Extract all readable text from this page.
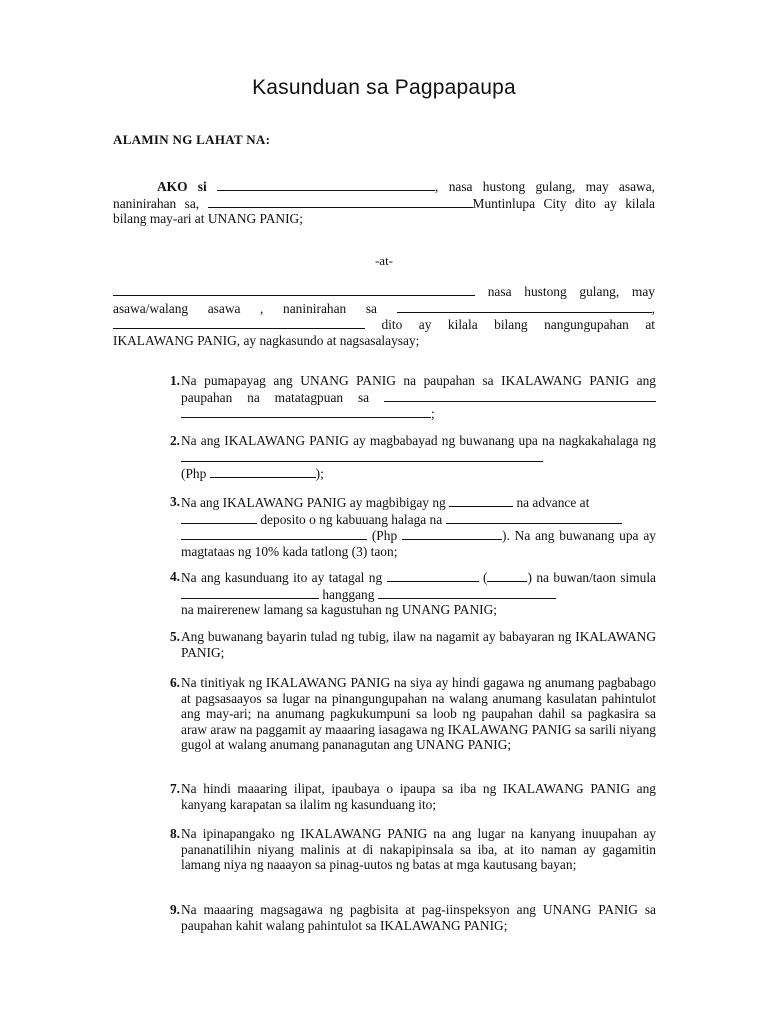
Kasunduan sa Pagpapaupa
ALAMIN NG LAHAT NA:
AKO si	, nasa hustong gulang, may asawa, naninirahan sa,	Muntinlupa City dito ay kilala bilang may-ari at UNANG PANIG;
-at-
nasa hustong gulang, may asawa/walang asawa , naninirahan sa	,  dito ay kilala bilang nangungupahan at IKALAWANG PANIG, ay nagkasundo at nagsasalaysay;
1. Na pumapayag ang UNANG PANIG na paupahan sa IKALAWANG PANIG ang paupahan na matatagpuan sa  ;
2. Na ang IKALAWANG PANIG ay magbabayad ng buwanang upa na nagkakahalaga ng
(Php	);
3. Na ang IKALAWANG PANIG ay magbibigay ng	na advance at
deposito o ng kabuuang halaga na
(Php	). Na ang buwanang upa ay magtataas ng 10% kada tatlong (3) taon;
4. Na ang kasunduang ito ay tatagal ng	(	) na buwan/taon simula  hanggang
na mairerenew lamang sa kagustuhan ng UNANG PANIG;
5. Ang buwanang bayarin tulad ng tubig, ilaw na nagamit ay babayaran ng IKALAWANG PANIG;
6. Na tinitiyak ng IKALAWANG PANIG na siya ay hindi gagawa ng anumang pagbabago at pagsasaayos sa lugar na pinangungupahan na walang anumang kasulatan pahintulot ang may-ari; na anumang pagkukumpuni sa loob ng paupahan dahil sa pagkasira sa araw araw na paggamit ay maaaring iasagawa ng IKALAWANG PANIG sa sarili niyang gugol at walang anumang pananagutan ang UNANG PANIG;
7. Na hindi maaaring ilipat, ipaubaya o ipaupa sa iba ng IKALAWANG PANIG ang kanyang karapatan sa ilalim ng kasunduang ito;
8. Na ipinapangako ng IKALAWANG PANIG na ang lugar na kanyang inuupahan ay pananatilihin niyang malinis at di nakapipinsala sa iba, at ito naman ay gagamitin lamang niya ng naaayon sa pinag-uutos ng batas at mga kautusang bayan;
9. Na maaaring magsagawa ng pagbisita at pag-iinspeksyon ang UNANG PANIG sa paupahan kahit walang pahintulot sa IKALAWANG PANIG;
